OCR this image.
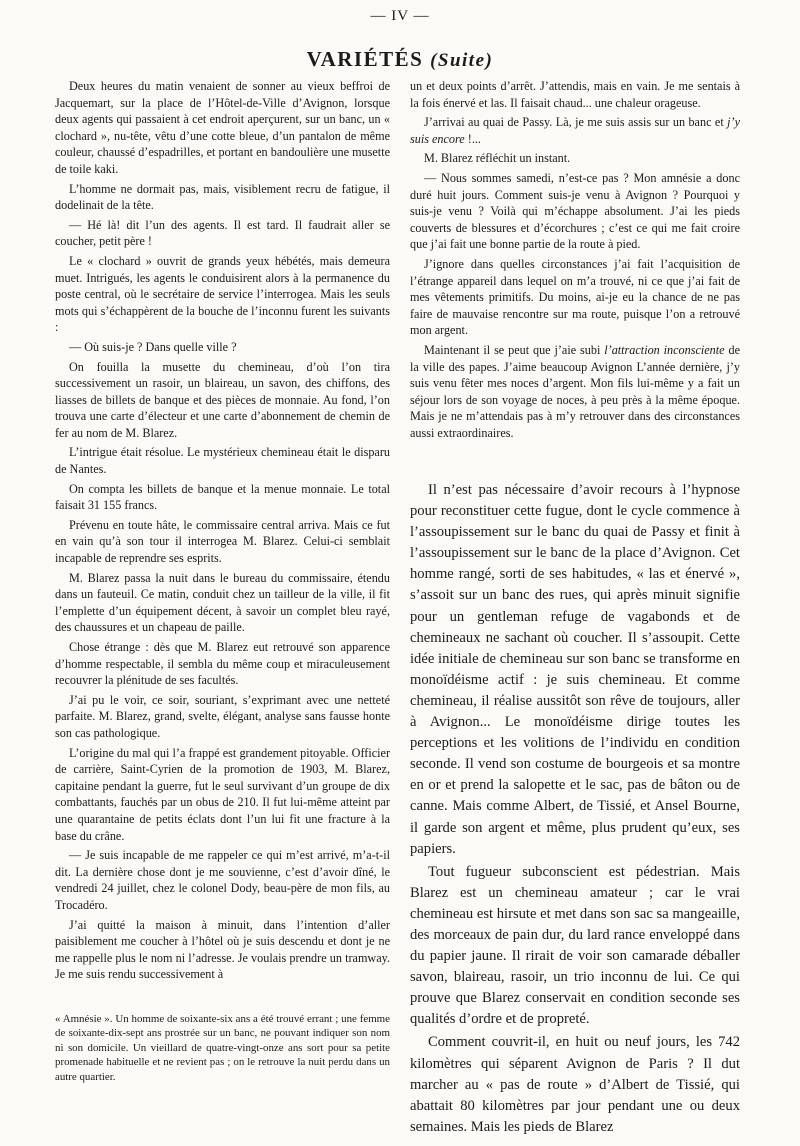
— IV —
VARIÉTÉS (Suite)

Deux heures du matin venaient de sonner au vieux beffroi de Jacquemart, sur la place de l’Hôtel-de-Ville d’Avignon, lorsque deux agents qui passaient à cet endroit aperçurent, sur un banc, un « clochard », nu-tête, vêtu d’une cotte bleue, d’un pantalon de même couleur, chaussé d’espadrilles, et portant en bandoulière une musette de toile kaki.

L’homme ne dormait pas, mais, visiblement recru de fatigue, il dodelinait de la tête.

— Hé là! dit l’un des agents. Il est tard. Il faudrait aller se coucher, petit père !

Le « clochard » ouvrit de grands yeux hébétés, mais demeura muet. Intrigués, les agents le conduisirent alors à la permanence du poste central, où le secrétaire de service l’interrogea. Mais les seuls mots qui s’échappèrent de la bouche de l’inconnu furent les suivants :

— Où suis-je ? Dans quelle ville ?

On fouilla la musette du chemineau, d’où l’on tira successivement un rasoir, un blaireau, un savon, des chiffons, des liasses de billets de banque et des pièces de monnaie. Au fond, l’on trouva une carte d’électeur et une carte d’abonnement de chemin de fer au nom de M. Blarez.

L’intrigue était résolue. Le mystérieux chemineau était le disparu de Nantes.

On compta les billets de banque et la menue monnaie. Le total faisait 31 155 francs.

Prévenu en toute hâte, le commissaire central arriva. Mais ce fut en vain qu’à son tour il interrogea M. Blarez. Celui-ci semblait incapable de reprendre ses esprits.

M. Blarez passa la nuit dans le bureau du commissaire, étendu dans un fauteuil. Ce matin, conduit chez un tailleur de la ville, il fit l’emplette d’un équipement décent, à savoir un complet bleu rayé, des chaussures et un chapeau de paille.

Chose étrange : dès que M. Blarez eut retrouvé son apparence d’homme respectable, il sembla du même coup et miraculeusement recouvrer la plénitude de ses facultés.

J’ai pu le voir, ce soir, souriant, s’exprimant avec une netteté parfaite. M. Blarez, grand, svelte, élégant, analyse sans fausse honte son cas pathologique.

L’origine du mal qui l’a frappé est grandement pitoyable. Officier de carrière, Saint-Cyrien de la promotion de 1903, M. Blarez, capitaine pendant la guerre, fut le seul survivant d’un groupe de dix combattants, fauchés par un obus de 210. Il fut lui-même atteint par une quarantaine de petits éclats dont l’un lui fit une fracture à la base du crâne.

— Je suis incapable de me rappeler ce qui m’est arrivé, m’a-t-il dit. La dernière chose dont je me souvienne, c’est d’avoir dîné, le vendredi 24 juillet, chez le colonel Dody, beau-père de mon fils, au Trocadéro.

J’ai quitté la maison à minuit, dans l’intention d’aller paisiblement me coucher à l’hôtel où je suis descendu et dont je ne me rappelle plus le nom ni l’adresse. Je voulais prendre un tramway. Je me suis rendu successivement à

« Amnésie ». Un homme de soixante-six ans a été trouvé errant ; une femme de soixante-dix-sept ans prostrée sur un banc, ne pouvant indiquer son nom ni son domicile. Un vieillard de quatre-vingt-onze ans sort pour sa petite promenade habituelle et ne revient pas ; on le retrouve la nuit perdu dans un autre quartier.

un et deux points d’arrêt. J’attendis, mais en vain. Je me sentais à la fois énervé et las. Il faisait chaud... une chaleur orageuse.

J’arrivai au quai de Passy. Là, je me suis assis sur un banc et j’y suis encore !...

M. Blarez réfléchit un instant.

— Nous sommes samedi, n’est-ce pas ? Mon amnésie a donc duré huit jours. Comment suis-je venu à Avignon ? Pourquoi y suis-je venu ? Voilà qui m’échappe absolument. J’ai les pieds couverts de blessures et d’écorchures ; c’est ce qui me fait croire que j’ai fait une bonne partie de la route à pied.

J’ignore dans quelles circonstances j’ai fait l’acquisition de l’étrange appareil dans lequel on m’a trouvé, ni ce que j’ai fait de mes vêtements primitifs. Du moins, ai-je eu la chance de ne pas faire de mauvaise rencontre sur ma route, puisque l’on a retrouvé mon argent.

Maintenant il se peut que j’aie subi l’attraction inconsciente de la ville des papes. J’aime beaucoup Avignon L’année dernière, j’y suis venu fêter mes noces d’argent. Mon fils lui-même y a fait un séjour lors de son voyage de noces, à peu près à la même époque. Mais je ne m’attendais pas à m’y retrouver dans des circonstances aussi extraordinaires.

Il n’est pas nécessaire d’avoir recours à l’hypnose pour reconstituer cette fugue, dont le cycle commence à l’assoupissement sur le banc du quai de Passy et finit à l’assoupissement sur le banc de la place d’Avignon. Cet homme rangé, sorti de ses habitudes, « las et énervé », s’assoit sur un banc des rues, qui après minuit signifie pour un gentleman refuge de vagabonds et de chemineaux ne sachant où coucher. Il s’assoupit. Cette idée initiale de chemineau sur son banc se transforme en monoïdéisme actif : je suis chemineau. Et comme chemineau, il réalise aussitôt son rêve de toujours, aller à Avignon... Le monoïdéisme dirige toutes les perceptions et les volitions de l’individu en condition seconde. Il vend son costume de bourgeois et sa montre en or et prend la salopette et le sac, pas de bâton ou de canne. Mais comme Albert, de Tissié, et Ansel Bourne, il garde son argent et même, plus prudent qu’eux, ses papiers.

Tout fugueur subconscient est pédestrian. Mais Blarez est un chemineau amateur ; car le vrai chemineau est hirsute et met dans son sac sa mangeaille, des morceaux de pain dur, du lard rance enveloppé dans du papier jaune. Il rirait de voir son camarade déballer savon, blaireau, rasoir, un trio inconnu de lui. Ce qui prouve que Blarez conservait en condition seconde ses qualités d’ordre et de propreté.

Comment couvrit-il, en huit ou neuf jours, les 742 kilomètres qui séparent Avignon de Paris ? Il dut marcher au « pas de route » d’Albert de Tissié, qui abattait 80 kilomètres par jour pendant une ou deux semaines. Mais les pieds de Blarez
